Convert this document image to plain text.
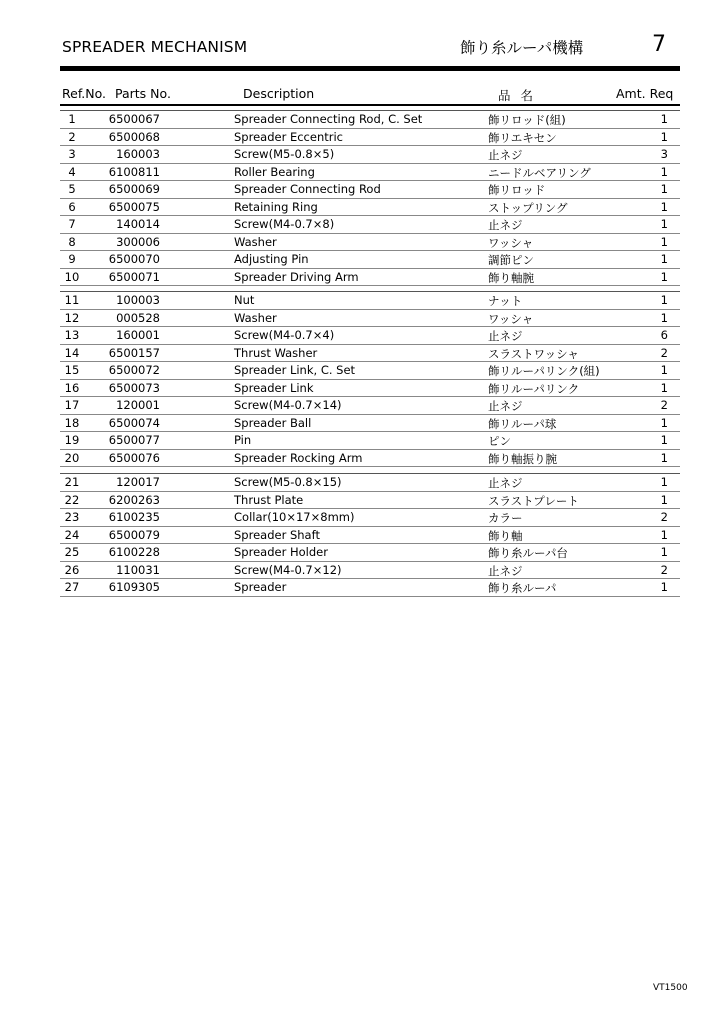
SPREADER MECHANISM	飾り糸ルーパ機構	7
Ref.No. Parts No.	Description	品名	Amt. Req
1	6500067	Spreader Connecting Rod, C. Set	飾リロッド(組)	1
2	6500068	Spreader Eccentric	飾リエキセン	1
3	160003	Screw(M5-0.8×5)	止ネジ	3
4	6100811	Roller Bearing	ニードルベアリング	1
5	6500069	Spreader Connecting Rod	飾リロッド	1
6	6500075	Retaining Ring	ストップリング	1
7	140014	Screw(M4-0.7×8)	止ネジ	1
8	300006	Washer	ワッシャ	1
9	6500070	Adjusting Pin	調節ピン	1
10	6500071	Spreader Driving Arm	飾り軸腕	1
11	100003	Nut	ナット	1
12	000528	Washer	ワッシャ	1
13	160001	Screw(M4-0.7×4)	止ネジ	6
14	6500157	Thrust Washer	スラストワッシャ	2
15	6500072	Spreader Link, C. Set	飾リルーパリンク(組)	1
16	6500073	Spreader Link	飾リルーパリンク	1
17	120001	Screw(M4-0.7×14)	止ネジ	2
18	6500074	Spreader Ball	飾リルーパ球	1
19	6500077	Pin	ピン	1
20	6500076	Spreader Rocking Arm	飾り軸振り腕	1
21	120017	Screw(M5-0.8×15)	止ネジ	1
22	6200263	Thrust Plate	スラストプレート	1
23	6100235	Collar(10×17×8mm)	カラー	2
24	6500079	Spreader Shaft	飾り軸	1
25	6100228	Spreader Holder	飾り糸ルーパ台	1
26	110031	Screw(M4-0.7×12)	止ネジ	2
27	6109305	Spreader	飾り糸ルーパ	1
VT1500
